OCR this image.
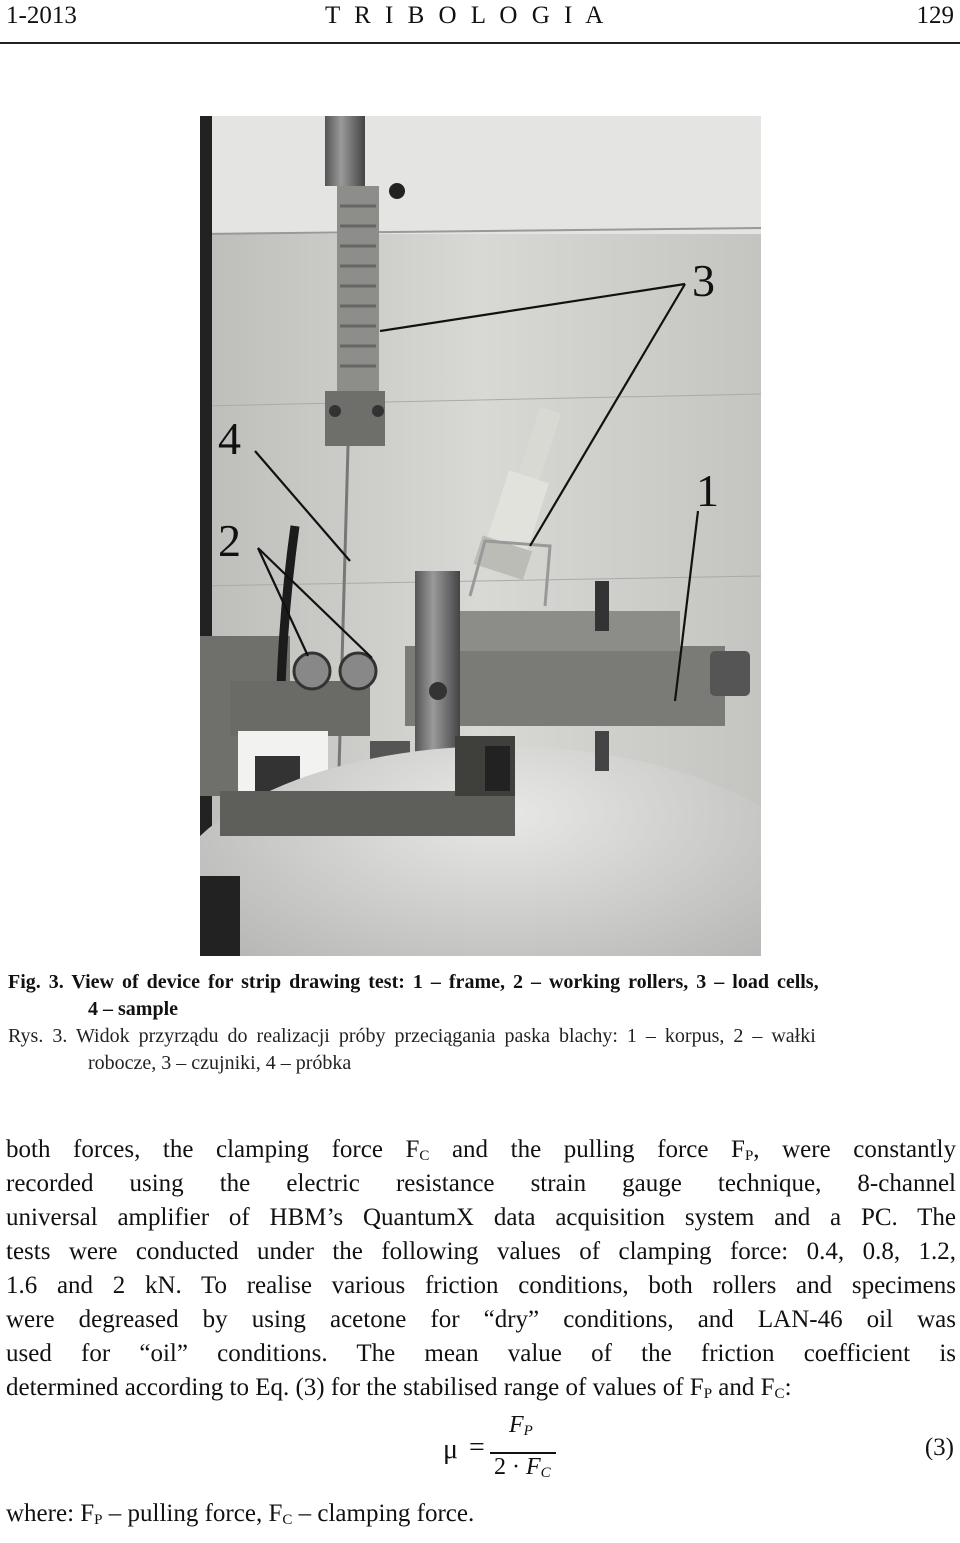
1-2013	T R I B O L O G I A	129
3
1
4
2
Fig. 3. View of device for strip drawing test: 1 – frame, 2 – working rollers, 3 – load cells,
4 – sample
Rys. 3. Widok przyrządu do realizacji próby przeciągania paska blachy: 1 – korpus, 2 – wałki
robocze, 3 – czujniki, 4 – próbka
both forces, the clamping force $F_C$ and the pulling force $F_P$, were constantly
recorded using the electric resistance strain gauge technique, 8-channel
universal amplifier of HBM’s QuantumX data acquisition system and a PC. The
tests were conducted under the following values of clamping force: 0.4, 0.8, 1.2,
1.6 and 2 kN. To realise various friction conditions, both rollers and specimens
were degreased by using acetone for “dry” conditions, and LAN-46 oil was
used for “oil” conditions. The mean value of the friction coefficient is
determined according to Eq. (3) for the stabilised range of values of $F_P$ and $F_C$:
μ =
$F_P$
$2 \cdot F_C$
(3)
where: $F_P$ – pulling force, $F_C$ – clamping force.
